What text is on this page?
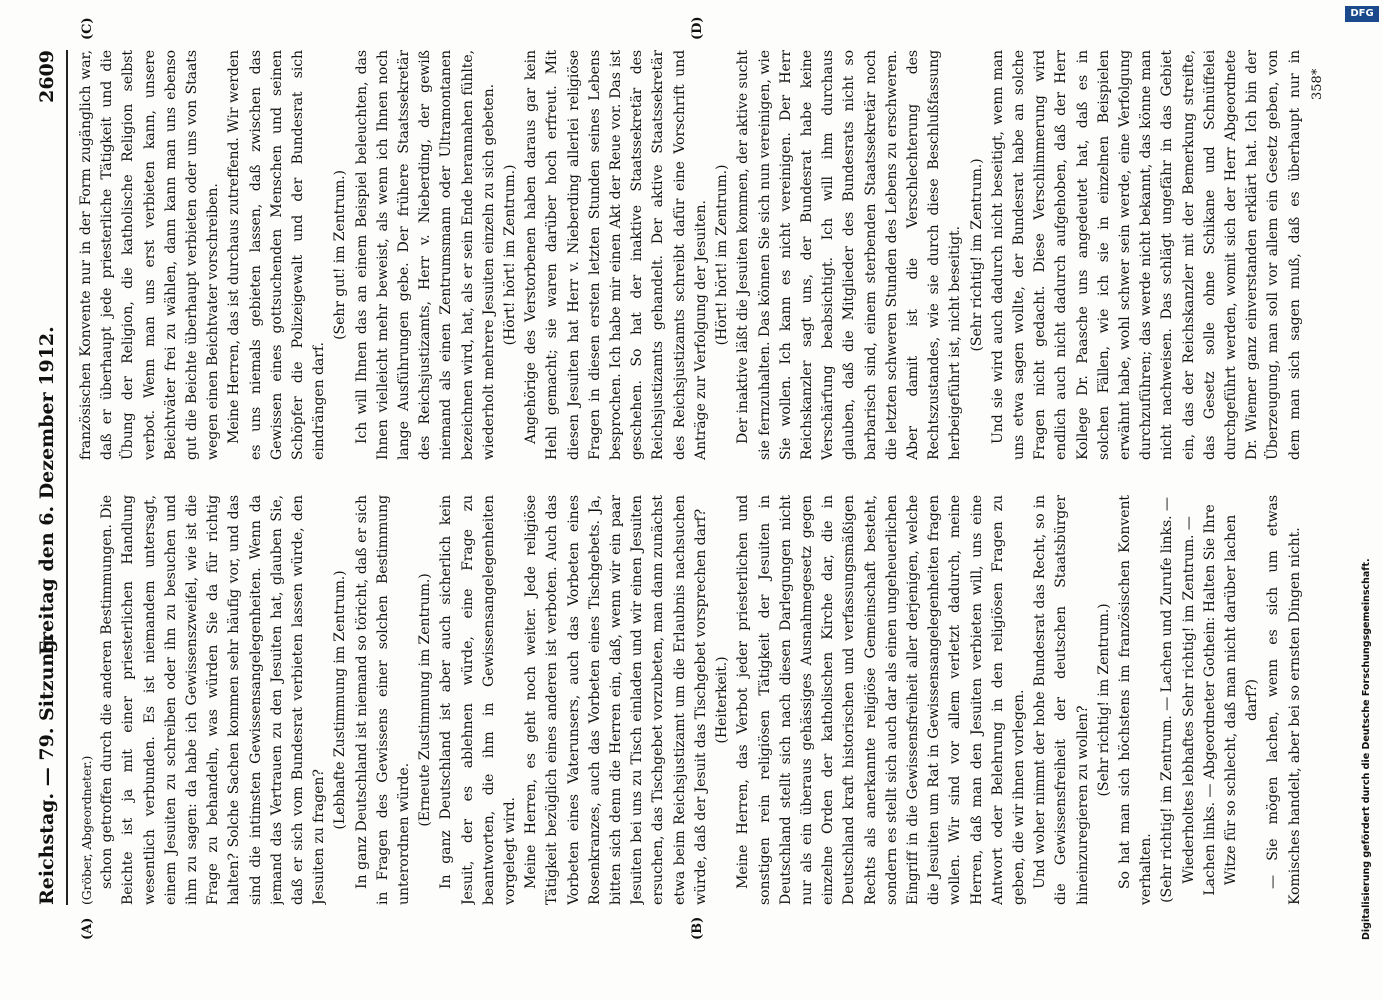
Reichstag. — 79. Sitzung.
Freitag den 6. Dezember 1912.
2609
(A)	(B)
(C)	(D)

(Gröber, Abgeordneter.) schon getroffen durch die anderen Bestimmungen. Die Beichte ist ja mit einer priesterlichen Handlung wesentlich verbunden. Es ist niemandem untersagt, einem Jesuiten zu schreiben oder ihn zu besuchen und ihm zu sagen: da habe ich Gewissenszweifel, wie ist die Frage zu behandeln, was würden Sie da für richtig halten? Solche Sachen kommen sehr häufig vor, und das sind die intimsten Gewissensangelegenheiten. Wenn da jemand das Vertrauen zu den Jesuiten hat, glauben Sie, daß er sich vom Bundesrat verbieten lassen würde, den Jesuiten zu fragen?

(Lebhafte Zustimmung im Zentrum.) In ganz Deutschland ist niemand so töricht, daß er sich in Fragen des Gewissens einer solchen Bestimmung unterordnen würde.

(Erneute Zustimmung im Zentrum.) In ganz Deutschland ist aber auch sicherlich kein Jesuit, der es ablehnen würde, eine Frage zu beantworten, die ihm in Gewissensangelegenheiten vorgelegt wird. Meine Herren, es geht noch weiter. Jede religiöse Tätigkeit bezüglich eines anderen ist verboten. Auch das Vorbeten eines Vaterunsers, auch das Vorbeten eines Rosenkranzes, auch das Vorbeten eines Tischgebets. Ja, bitten sich denn die Herren ein, daß, wenn wir ein paar Jesuiten bei uns zu Tisch einladen und wir einen Jesuiten ersuchen, das Tischgebet vorzubeten, man dann zunächst etwa beim Reichsjustizamt um die Erlaubnis nachsuchen würde, daß der Jesuit das Tischgebet vorsprechen darf? (Heiterkeit.) Meine Herren, das Verbot jeder priesterlichen und sonstigen rein religiösen Tätigkeit der Jesuiten in Deutschland stellt sich nach diesen Darlegungen nicht nur als ein überaus gehässiges Ausnahmegesetz gegen einzelne Orden der katholischen Kirche dar, die in Deutschland kraft historischen und verfassungsmäßigen Rechts als anerkannte religiöse Gemeinschaft besteht, sondern es stellt sich auch dar als einen ungeheuerlichen Eingriff in die Gewissensfreiheit aller derjenigen, welche die Jesuiten um Rat in Gewissensangelegenheiten fragen wollen. Wir sind vor allem verletzt dadurch, meine Herren, daß man den Jesuiten verbieten will, uns eine Antwort oder Belehrung in den religiösen Fragen zu geben, die wir ihnen vorlegen. Und woher nimmt der hohe Bundesrat das Recht, so in die Gewissensfreiheit der deutschen Staatsbürger hineinzuregieren zu wollen?

(Sehr richtig! im Zentrum.) So hat man sich höchstens im französischen Konvent verhalten. (Sehr richtig! im Zentrum. — Lachen und Zurufe links. — Wiederholtes lebhaftes Sehr richtig! im Zentrum. — Lachen links. — Abgeordneter Gothein: Halten Sie Ihre Witze für so schlecht, daß man nicht darüber lachen darf?) — Sie mögen lachen, wenn es sich um etwas Komisches handelt, aber bei so ernsten Dingen nicht.

französischen Konvente nur in der Form zugänglich war, daß er überhaupt jede priesterliche Tätigkeit und die Übung der Religion, die katholische Religion selbst verbot. Wenn man uns erst verbieten kann, unsere Beichtväter frei zu wählen, dann kann man uns ebenso gut die Beichte überhaupt verbieten oder uns von Staats wegen einen Beichtvater vorschreiben. Meine Herren, das ist durchaus zutreffend. Wir werden es uns niemals gebieten lassen, daß zwischen das Gewissen eines gottsuchenden Menschen und seinen Schöpfer die Polizeigewalt und der Bundesrat sich eindrängen darf.

(Sehr gut! im Zentrum.) Ich will Ihnen das an einem Beispiel beleuchten, das Ihnen vielleicht mehr beweist, als wenn ich Ihnen noch lange Ausführungen gebe. Der frühere Staatssekretär des Reichsjustizamts, Herr v. Nieberding, der gewiß niemand als einen Zentrumsmann oder Ultramontanen bezeichnen wird, hat, als er sein Ende herannahen fühlte, wiederholt mehrere Jesuiten einzeln zu sich gebeten. (Hört! hört! im Zentrum.) Angehörige des Verstorbenen haben daraus gar kein Hehl gemacht; sie waren darüber hoch erfreut. Mit diesen Jesuiten hat Herr v. Nieberding allerlei religiöse Fragen in diesen ersten letzten Stunden seines Lebens besprochen. Ich habe mir einen Akt der Reue vor. Das ist geschehen. So hat der inaktive Staatssekretär des Reichsjustizamts gehandelt. Der aktive Staatssekretär des Reichsjustizamts schreibt dafür eine Vorschrift und Anträge zur Verfolgung der Jesuiten. (Hört! hört! im Zentrum.) Der inaktive läßt die Jesuiten kommen, der aktive sucht sie fernzuhalten. Das können Sie sich nun vereinigen, wie Sie wollen. Ich kann es nicht vereinigen. Der Herr Reichskanzler sagt uns, der Bundesrat habe keine Verschärfung beabsichtigt. Ich will ihm durchaus glauben, daß die Mitglieder des Bundesrats nicht so barbarisch sind, einem sterbenden Staatssekretär noch die letzten schweren Stunden des Lebens zu erschweren. Aber damit ist die Verschlechterung des Rechtszustandes, wie sie durch diese Beschlußfassung herbeigeführt ist, nicht beseitigt. (Sehr richtig! im Zentrum.)

Und sie wird auch dadurch nicht beseitigt, wenn man uns etwa sagen wollte, der Bundesrat habe an solche Fragen nicht gedacht. Diese Verschlimmerung wird endlich auch nicht dadurch aufgehoben, daß der Herr Kollege Dr. Paasche uns angedeutet hat, daß es in solchen Fällen, wie ich sie in einzelnen Beispielen erwähnt habe, wohl schwer sein werde, eine Verfolgung durchzuführen; das werde nicht bekannt, das könne man nicht nachweisen. Das schlägt ungefähr in das Gebiet ein, das der Reichskanzler mit der Bemerkung streifte, das Gesetz solle ohne Schikane und Schnüffelei durchgeführt werden, womit sich der Herr Abgeordnete Dr. Wiemer ganz einverstanden erklärt hat. Ich bin der Überzeugung, man soll vor allem ein Gesetz geben, von dem man sich sagen muß, daß es überhaupt nur in

358*
DFG
Digitalisierung gefördert durch die Deutsche Forschungsgemeinschaft.
